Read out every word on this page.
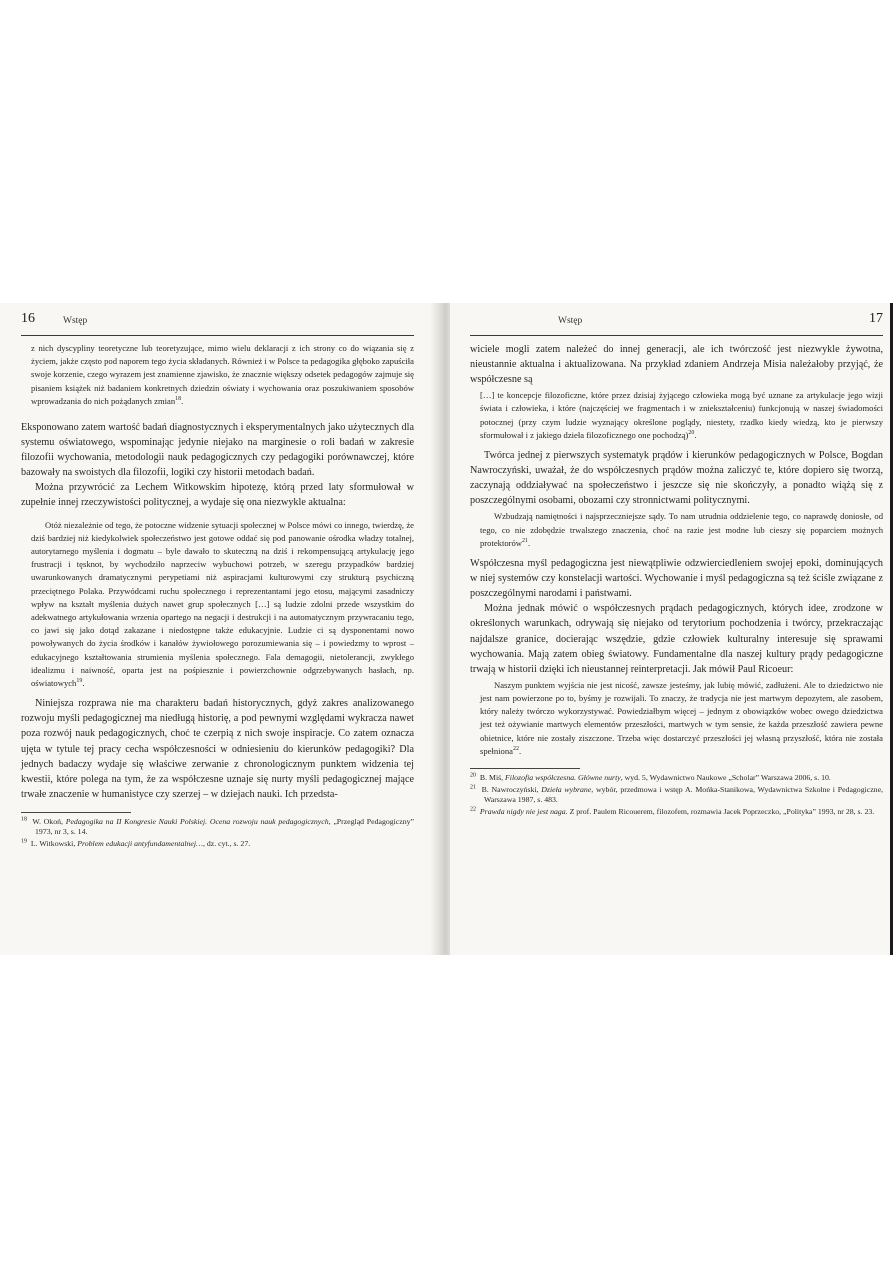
16	Wstęp

z nich dyscypliny teoretyczne lub teoretyzujące, mimo wielu deklaracji z ich strony co do wiązania się z życiem, jakże często pod naporem tego życia składanych. Również i w Polsce ta pedagogika głęboko zapuściła swoje korzenie, czego wyrazem jest znamienne zjawisko, że znacznie większy odsetek pedagogów zajmuje się pisaniem książek niż badaniem konkretnych dziedzin oświaty i wychowania oraz poszukiwaniem sposobów wprowadzania do nich pożądanych zmian$^{18}$.

Eksponowano zatem wartość badań diagnostycznych i eksperymentalnych jako użytecznych dla systemu oświatowego, wspominając jedynie niejako na marginesie o roli badań w zakresie filozofii wychowania, metodologii nauk pedagogicznych czy pedagogiki porównawczej, które bazowały na swoistych dla filozofii, logiki czy historii metodach badań.

Można przywrócić za Lechem Witkowskim hipotezę, którą przed laty sformułował w zupełnie innej rzeczywistości politycznej, a wydaje się ona niezwykle aktualna:

Otóż niezależnie od tego, że potoczne widzenie sytuacji społecznej w Polsce mówi co innego, twierdzę, że dziś bardziej niż kiedykolwiek społeczeństwo jest gotowe oddać się pod panowanie ośrodka władzy totalnej, autorytarnego myślenia i dogmatu – byle dawało to skuteczną na dziś i rekompensującą artykulację jego frustracji i tęsknot, by wychodziło naprzeciw wybuchowi potrzeb, w szeregu przypadków bardziej uwarunkowanych dramatycznymi perypetiami niż aspiracjami kulturowymi czy strukturą psychiczną przeciętnego Polaka. Przywódcami ruchu społecznego i reprezentantami jego etosu, mającymi zasadniczy wpływ na kształt myślenia dużych nawet grup społecznych […] są ludzie zdolni przede wszystkim do adekwatnego artykułowania wrzenia opartego na negacji i destrukcji i na automatycznym przywracaniu tego, co jawi się jako dotąd zakazane i niedostępne także edukacyjnie. Ludzie ci są dysponentami nowo powoływanych do życia środków i kanałów żywiołowego porozumiewania się – i powiedzmy to wprost – edukacyjnego kształtowania strumienia myślenia społecznego. Fala demagogii, nietolerancji, zwykłego idealizmu i naiwność, oparta jest na pośpiesznie i powierzchownie odgrzebywanych hasłach, np. oświatowych$^{19}$.

Niniejsza rozprawa nie ma charakteru badań historycznych, gdyż zakres analizowanego rozwoju myśli pedagogicznej ma niedługą historię, a pod pewnymi względami wykracza nawet poza rozwój nauk pedagogicznych, choć te czerpią z nich swoje inspiracje. Co zatem oznacza ujęta w tytule tej pracy cecha współczesności w odniesieniu do kierunków pedagogiki? Dla jednych badaczy wydaje się właściwe zerwanie z chronologicznym punktem widzenia tej kwestii, które polega na tym, że za współczesne uznaje się nurty myśli pedagogicznej mające trwałe znaczenie w humanistyce czy szerzej – w dziejach nauki. Ich przedsta-

$^{18}$ W. Okoń, Pedagogika na II Kongresie Nauki Polskiej. Ocena rozwoju nauk pedagogicznych, „Przegląd Pedagogiczny” 1973, nr 3, s. 14.

$^{19}$ L. Witkowski, Problem edukacji antyfundamentalnej…, dz. cyt., s. 27.

Wstęp	17

wiciele mogli zatem należeć do innej generacji, ale ich twórczość jest niezwykle żywotna, nieustannie aktualna i aktualizowana. Na przykład zdaniem Andrzeja Misia należałoby przyjąć, że współczesne są

[…] te koncepcje filozoficzne, które przez dzisiaj żyjącego człowieka mogą być uznane za artykulacje jego wizji świata i człowieka, i które (najczęściej we fragmentach i w zniekształceniu) funkcjonują w naszej świadomości potocznej (przy czym ludzie wyznający określone poglądy, niestety, rzadko kiedy wiedzą, kto je pierwszy sformułował i z jakiego dzieła filozoficznego one pochodzą)$^{20}$.

Twórca jednej z pierwszych systematyk prądów i kierunków pedagogicznych w Polsce, Bogdan Nawroczyński, uważał, że do współczesnych prądów można zaliczyć te, które dopiero się tworzą, zaczynają oddziaływać na społeczeństwo i jeszcze się nie skończyły, a ponadto wiążą się z poszczególnymi osobami, obozami czy stronnictwami politycznymi.

Wzbudzają namiętności i najsprzeczniejsze sądy. To nam utrudnia oddzielenie tego, co naprawdę doniosłe, od tego, co nie zdobędzie trwalszego znaczenia, choć na razie jest modne lub cieszy się poparciem możnych protektorów$^{21}$.

Współczesna myśl pedagogiczna jest niewątpliwie odzwierciedleniem swojej epoki, dominujących w niej systemów czy konstelacji wartości. Wychowanie i myśl pedagogiczna są też ściśle związane z poszczególnymi narodami i państwami.

Można jednak mówić o współczesnych prądach pedagogicznych, których idee, zrodzone w określonych warunkach, odrywają się niejako od terytorium pochodzenia i twórcy, przekraczając najdalsze granice, docierając wszędzie, gdzie człowiek kulturalny interesuje się sprawami wychowania. Mają zatem obieg światowy. Fundamentalne dla naszej kultury prądy pedagogiczne trwają w historii dzięki ich nieustannej reinterpretacji. Jak mówił Paul Ricoeur:

Naszym punktem wyjścia nie jest nicość, zawsze jesteśmy, jak lubię mówić, zadłużeni. Ale to dziedzictwo nie jest nam powierzone po to, byśmy je rozwijali. To znaczy, że tradycja nie jest martwym depozytem, ale zasobem, który należy twórczo wykorzystywać. Powiedziałbym więcej – jednym z obowiązków wobec owego dziedzictwa jest też ożywianie martwych elementów przeszłości, martwych w tym sensie, że każda przeszłość zawiera pewne obietnice, które nie zostały ziszczone. Trzeba więc dostarczyć przeszłości jej własną przyszłość, która nie została spełniona$^{22}$.

$^{20}$ B. Miś, Filozofia współczesna. Główne nurty, wyd. 5, Wydawnictwo Naukowe „Scholar” Warszawa 2006, s. 10.

$^{21}$ B. Nawroczyński, Dzieła wybrane, wybór, przedmowa i wstęp A. Mońka-Stanikowa, Wydawnictwa Szkolne i Pedagogiczne, Warszawa 1987, s. 483.

$^{22}$ Prawda nigdy nie jest naga. Z prof. Paulem Ricouerem, filozofem, rozmawia Jacek Poprzeczko, „Polityka” 1993, nr 28, s. 23.
